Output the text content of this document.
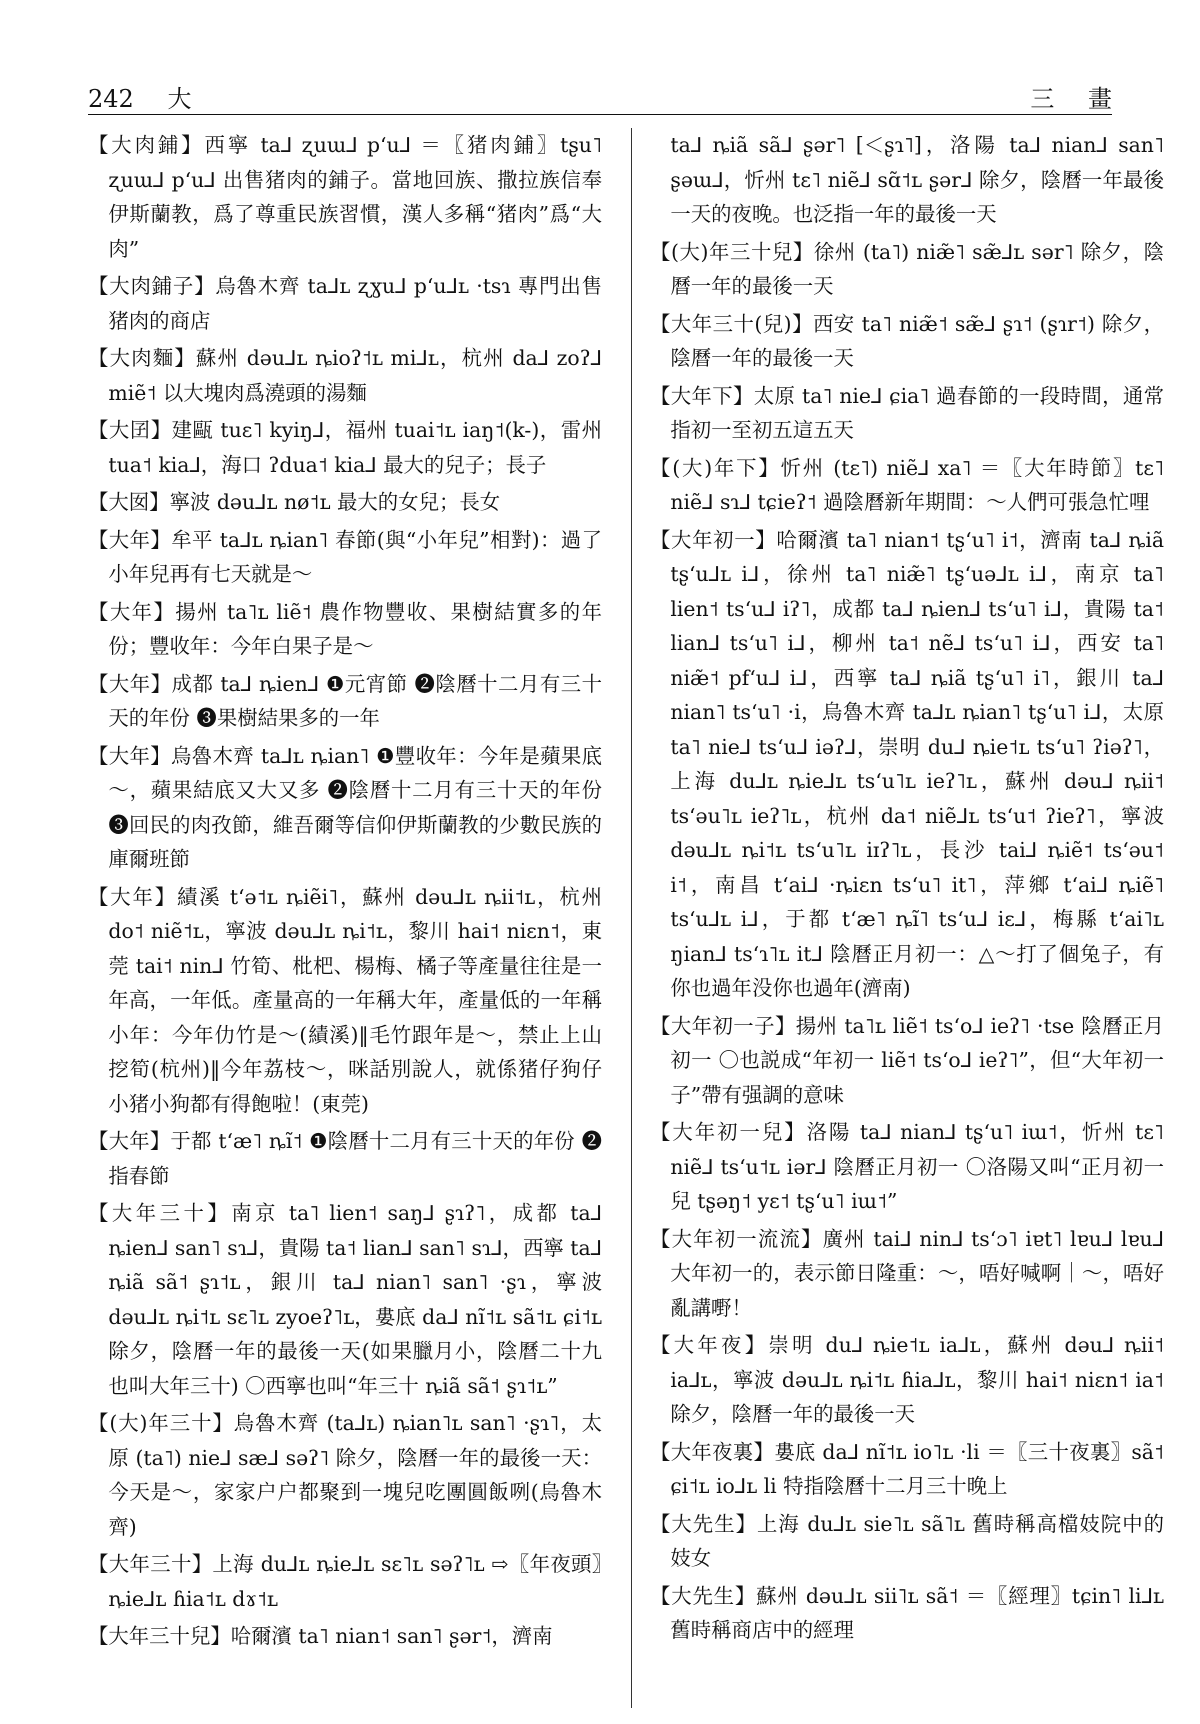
242 大	三 畫

【大肉鋪】西寧 ta⅃ ʐuɯ⅃ pʻu⅃ ＝〖猪肉鋪〗tʂu˥ ʐuɯ⅃ pʻu⅃ 出售猪肉的鋪子。當地回族、撒拉族信奉伊斯蘭教，爲了尊重民族習慣，漢人多稱“猪肉”爲“大肉”

【大肉鋪子】烏魯木齊 ta⅃ʟ ʐɣu⅃ pʻu⅃ʟ ·tsɿ 專門出售猪肉的商店

【大肉麵】蘇州 dəu⅃ʟ ȵioʔ˦ʟ mi⅃ʟ，杭州 da⅃ zoʔ⅃ miẽ˦ 以大塊肉爲澆頭的湯麵

【大囝】建甌 tuɛ˥ kyiŋ⅃，福州 tuai˦ʟ iaŋ˦(k-)，雷州 tua˦ kia⅃，海口 ʔdua˦ kia⅃ 最大的兒子；長子

【大囡】寧波 dəu⅃ʟ nø˦ʟ 最大的女兒；長女

【大年】牟平 ta⅃ʟ ȵian˥ 春節(與“小年兒”相對)：過了小年兒再有七天就是～

【大年】揚州 ta˥ʟ liẽ˦ 農作物豐收、果樹結實多的年份；豐收年：今年白果子是～

【大年】成都 ta⅃ ȵien⅃ ❶元宵節 ❷陰曆十二月有三十天的年份 ❸果樹結果多的一年

【大年】烏魯木齊 ta⅃ʟ ȵian˥ ❶豐收年：今年是蘋果底～，蘋果結底又大又多 ❷陰曆十二月有三十天的年份 ❸回民的肉孜節，維吾爾等信仰伊斯蘭教的少數民族的庫爾班節

【大年】績溪 tʻə˦ʟ ȵiẽi˥，蘇州 dəu⅃ʟ ȵii˦ʟ，杭州 do˦ niẽ˦ʟ，寧波 dəu⅃ʟ ȵi˦ʟ，黎川 hai˦ niɛn˦，東莞 tai˦ nin⅃ 竹筍、枇杷、楊梅、橘子等產量往往是一年高，一年低。產量高的一年稱大年，產量低的一年稱小年：今年仂竹是～(績溪)‖毛竹跟年是～，禁止上山挖筍(杭州)‖今年荔枝～，咪話別說人，就係猪仔狗仔小猪小狗都有得飽啦！(東莞)

【大年】于都 tʻæ˥ ȵĩ˦ ❶陰曆十二月有三十天的年份 ❷指春節

【大年三十】南京 ta˥ lien˦ saŋ⅃ ʂɿʔ˥，成都 ta⅃ ȵien⅃ san˥ sɿ⅃，貴陽 ta˦ lian⅃ san˥ sɿ⅃，西寧 ta⅃ ȵiã sã˦ ʂɿ˦ʟ，銀川 ta⅃ nian˥ san˥ ·ʂɿ，寧波 dəu⅃ʟ ȵi˦ʟ sɛ˥ʟ zyoeʔ˥ʟ，婁底 da⅃ nĩ˦ʟ sã˦ʟ ɕi˦ʟ 除夕，陰曆一年的最後一天(如果臘月小，陰曆二十九也叫大年三十) 〇西寧也叫“年三十 ȵiã sã˦ ʂɿ˦ʟ”

【(大)年三十】烏魯木齊 (ta⅃ʟ) ȵian˥ʟ san˥ ·ʂɿ˥，太原 (ta˥) nie⅃ sæ⅃ səʔ˥ 除夕，陰曆一年的最後一天：今天是～，家家户户都聚到一塊兒吃團圓飯咧(烏魯木齊)

【大年三十】上海 du⅃ʟ ȵie⅃ʟ sɛ˥ʟ səʔ˥ʟ ⇨〖年夜頭〗ȵie⅃ʟ ɦia˦ʟ dɤ˦ʟ

【大年三十兒】哈爾濱 ta˥ nian˦ san˥ ʂər˦，濟南

ta⅃ ȵiã sã⅃ ʂər˥ [＜ʂɿ˥]，洛陽 ta⅃ nian⅃ san˥ ʂəɯ⅃，忻州 tɛ˥ niẽ⅃ sɑ̃˦ʟ ʂər⅃ 除夕，陰曆一年最後一天的夜晚。也泛指一年的最後一天

【(大)年三十兒】徐州 (ta˥) niæ̃˥ sæ̃⅃ʟ sər˥ 除夕，陰曆一年的最後一天

【大年三十(兒)】西安 ta˥ niæ̃˦ sæ̃⅃ ʂɿ˦ (ʂɿr˦) 除夕，陰曆一年的最後一天

【大年下】太原 ta˥ nie⅃ ɕia˥ 過春節的一段時間，通常指初一至初五這五天

【(大)年下】忻州 (tɛ˥) niẽ⅃ xa˥ ＝〖大年時節〗tɛ˥ niẽ⅃ sɿ⅃ tɕieʔ˦ 過陰曆新年期間：～人們可張急忙哩

【大年初一】哈爾濱 ta˥ nian˦ tʂʻu˥ i˦，濟南 ta⅃ ȵiã tʂʻu⅃ʟ i⅃，徐州 ta˥ niæ̃˥ tʂʻuə⅃ʟ i⅃，南京 ta˥ lien˦ tsʻu⅃ iʔ˥，成都 ta⅃ ȵien⅃ tsʻu˥ i⅃，貴陽 ta˦ lian⅃ tsʻu˥ i⅃，柳州 ta˦ nẽ⅃ tsʻu˥ i⅃，西安 ta˥ niæ̃˦ pfʻu⅃ i⅃，西寧 ta⅃ ȵiã tʂʻu˥ i˥，銀川 ta⅃ nian˥ tsʻu˥ ·i，烏魯木齊 ta⅃ʟ ȵian˥ tʂʻu˥ i⅃，太原 ta˥ nie⅃ tsʻu⅃ iəʔ⅃，崇明 du⅃ ȵie˦ʟ tsʻu˥ ʔiəʔ˥，上海 du⅃ʟ ȵie⅃ʟ tsʻu˥ʟ ieʔ˥ʟ，蘇州 dəu⅃ ȵii˦ tsʻəu˥ʟ ieʔ˥ʟ，杭州 da˦ niẽ⅃ʟ tsʻu˦ ʔieʔ˥，寧波 dəu⅃ʟ ȵi˦ʟ tsʻu˥ʟ iɪʔ˥ʟ，長沙 tai⅃ ȵiẽ˦ tsʻəu˦ i˦，南昌 tʻai⅃ ·ȵiɛn tsʻu˥ it˥，萍鄉 tʻai⅃ ȵiẽ˥ tsʻu⅃ʟ i⅃，于都 tʻæ˥ ȵĩ˥ tsʻu⅃ iɛ⅃，梅縣 tʻai˥ʟ ŋian⅃ tsʻɿ˥ʟ it⅃ 陰曆正月初一：△～打了個兔子，有你也過年没你也過年(濟南)

【大年初一子】揚州 ta˥ʟ liẽ˦ tsʻo⅃ ieʔ˥ ·tse 陰曆正月初一 〇也説成“年初一 liẽ˦ tsʻo⅃ ieʔ˥”，但“大年初一子”帶有强調的意味

【大年初一兒】洛陽 ta⅃ nian⅃ tʂʻu˥ iɯ˦，忻州 tɛ˥ niẽ⅃ tsʻu˦ʟ iər⅃ 陰曆正月初一 〇洛陽又叫“正月初一兒 tʂəŋ˦ yɛ˦ tʂʻu˥ iɯ˦”

【大年初一流流】廣州 tai⅃ nin⅃ tsʻɔ˥ iɐt˥ lɐu⅃ lɐu⅃ 大年初一的，表示節日隆重：～，唔好喊啊｜～，唔好亂講嘢！

【大年夜】崇明 du⅃ ȵie˦ʟ ia⅃ʟ，蘇州 dəu⅃ ȵii˦ ia⅃ʟ，寧波 dəu⅃ʟ ȵi˦ʟ ɦia⅃ʟ，黎川 hai˦ niɛn˦ ia˦ 除夕，陰曆一年的最後一天

【大年夜裏】婁底 da⅃ nĩ˦ʟ io˥ʟ ·li ＝〖三十夜裏〗sã˦ ɕi˦ʟ io⅃ʟ li 特指陰曆十二月三十晚上

【大先生】上海 du⅃ʟ sie˥ʟ sã˥ʟ 舊時稱高檔妓院中的妓女

【大先生】蘇州 dəu⅃ʟ sii˥ʟ sã˦ ＝〖經理〗tɕin˥ li⅃ʟ 舊時稱商店中的經理
